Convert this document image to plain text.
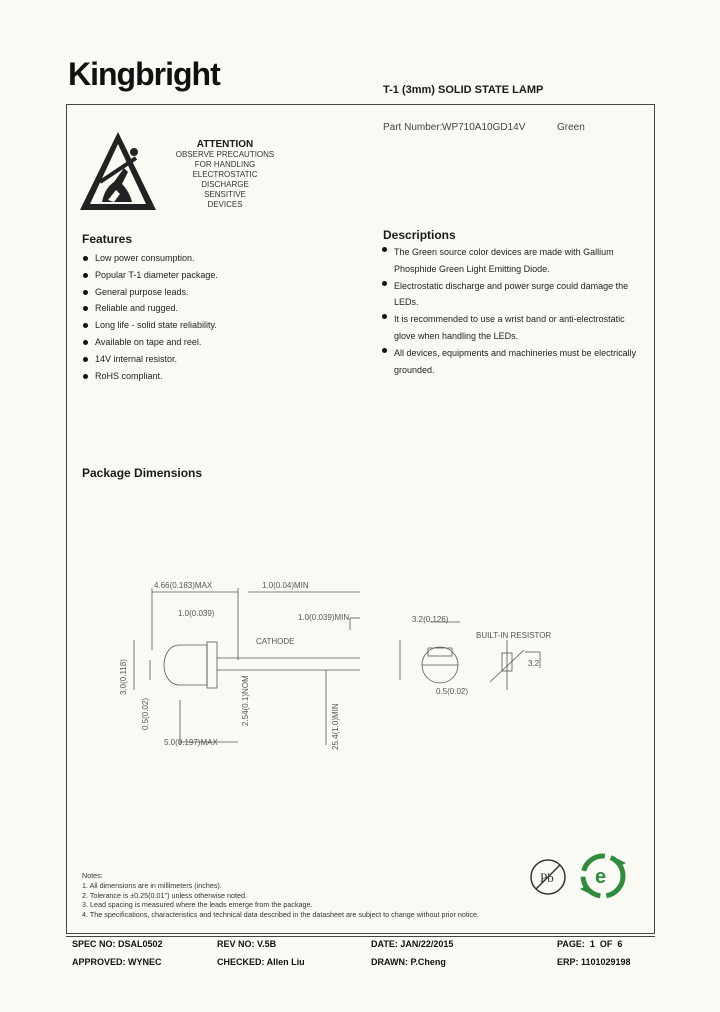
Kingbright	T-1 (3mm) SOLID STATE LAMP
Part Number: WP710A10GD14V	Green
ATTENTION
OBSERVE PRECAUTIONS
FOR HANDLING
ELECTROSTATIC
DISCHARGE
SENSITIVE
DEVICES
Features
Low power consumption.
Popular T-1 diameter package.
General purpose leads.
Reliable and rugged.
Long life - solid state reliability.
Available on tape and reel.
14V internal resistor.
RoHS compliant.
Descriptions
The Green source color devices are made with Gallium Phosphide Green Light Emitting Diode.
Electrostatic discharge and power surge could damage the LEDs.
It is recommended to use a wrist band or anti-electrostatic glove when handling the LEDs.
All devices, equipments and machineries must be electrically grounded.
Package Dimensions
4.66(0.183)MAX	1.0(0.04)MIN
1.0(0.039)	1.0(0.039)MIN
CATHODE
5.0(0.197)MAX
3.2(0.126)
BUILT-IN RESISTOR
0.5(0.02)
3.2
3.0(0.118)
0.5(0.02)	2.54(0.1)NOM
25.4(1.0)MIN
Notes:
1. All dimensions are in millimeters (inches).
2. Tolerance is ±0.25(0.01") unless otherwise noted.
3. Lead spacing is measured where the leads emerge from the package.
4. The specifications, characteristics and technical data described in the datasheet are subject to change without prior notice.
Pb e
SPEC NO: DSAL0502	REV NO: V.5B	DATE: JAN/22/2015	PAGE:  1  OF  6
APPROVED: WYNEC	CHECKED: Allen Liu	DRAWN: P.Cheng	ERP: 1101029198
